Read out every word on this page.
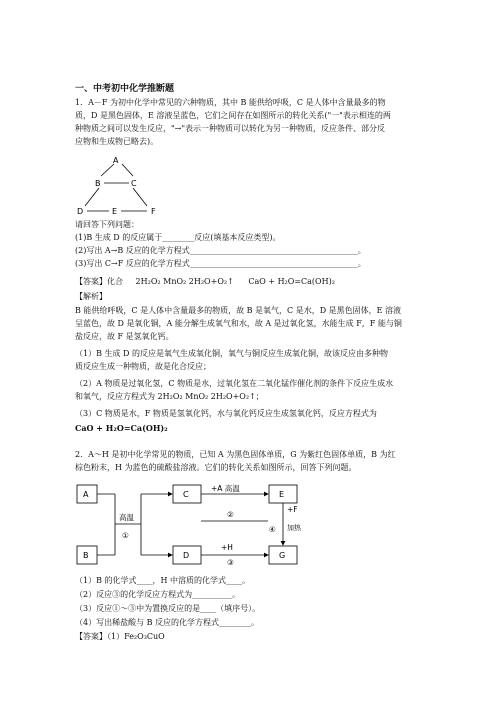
一、中考初中化学推断题
1．A－F 为初中化学中常见的六种物质，其中 B 能供给呼吸，C 是人体中含量最多的物
质，D 是黑色固体，E 溶液呈蓝色，它们之间存在如图所示的转化关系("一"表示相连的两
种物质之间可以发生反应，"→"表示一种物质可以转化为另一种物质，反应条件、部分反
应物和生成物已略去)。
A
B	C
D	E	F
请回答下列问题：
(1)B 生成 D 的反应属于________反应(填基本反应类型)。
(2)写出 A→B 反应的化学方程式__________________________________________。
(3)写出 C→F 反应的化学方程式__________________________________________。
【答案】化合 2H₂O₂ MnO₂ 2H₂O+O₂↑ CaO + H₂O=Ca(OH)₂
【解析】
B 能供给呼吸，C 是人体中含量最多的物质，故 B 是氧气，C 是水，D 是黑色固体，E 溶液
呈蓝色，故 D 是氧化铜，A 能分解生成氧气和水，故 A 是过氧化氢，水能生成 F，F 能与铜
盐反应，故 F 是氢氧化钙。
（1）B 生成 D 的反应是氧气生成氧化铜，氧气与铜反应生成氧化铜，故该反应由多种物
质反应生成一种物质，故是化合反应；
（2）A 物质是过氧化氢，C 物质是水，过氧化氢在二氧化锰作催化剂的条件下反应生成水
和氧气，反应方程式为 2H₂O₂ MnO₂ 2H₂O+O₂↑；
（3）C 物质是水，F 物质是氢氧化钙，水与氧化钙反应生成氢氧化钙，反应方程式为
CaO + H₂O=Ca(OH)₂
2．A～H 是初中化学常见的物质，已知 A 为黑色固体单质，G 为紫红色固体单质，B 为红
棕色粉末，H 为蓝色的硫酸盐溶液。它们的转化关系如图所示，回答下列问题。
A
B
C
D
E
G
高温
①
+A 高温
②
+H
③
④
+F
加热
（1）B 的化学式____，H 中溶质的化学式____。
（2）反应③的化学反应方程式为__________。
（3）反应①～③中为置换反应的是____（填序号）。
（4）写出稀盐酸与 B 反应的化学方程式________。
【答案】（1）Fe₂O₃CuO
